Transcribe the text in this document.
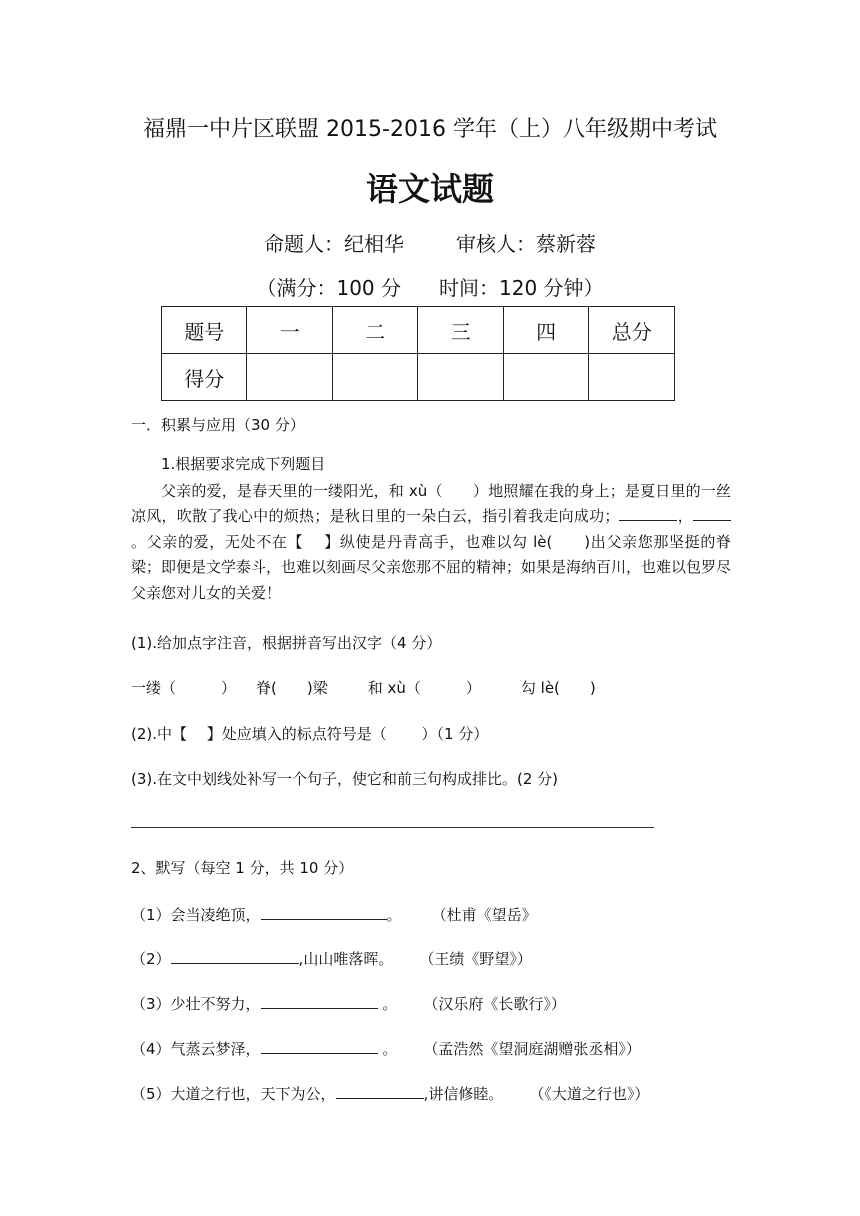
福鼎一中片区联盟 2015-2016 学年（上）八年级期中考试
语文试题
命题人：纪相华	审核人：蔡新蓉
（满分：100 分 时间：120 分钟）
题号	一	二	三	四	总分
得分					
一．积累与应用（30 分）
1.根据要求完成下列题目
父亲的爱，是春天里的一缕阳光，和 xù（　　）地照耀在我的身上；是夏日里的一丝凉风，吹散了我心中的烦热；是秋日里的一朵白云，指引着我走向成功；	，。父亲的爱，无处不在【　 】纵使是丹青高手，也难以勾 lè(　　)出父亲您那坚挺的脊梁；即便是文学泰斗，也难以刻画尽父亲您那不屈的精神；如果是海纳百川，也难以包罗尽父亲您对儿女的关爱！
(1).给加点字注音，根据拼音写出汉字（4 分）
一缕（　　　） 脊(　　)梁	和 xù（　　　）	勾 lè(　　)
(2).中【　 】处应填入的标点符号是（　　 ）（1 分）
(3).在文中划线处补写一个句子，使它和前三句构成排比。(2 分)
2、默写（每空 1 分，共 10 分）
（1）会当凌绝顶，	。 （杜甫《望岳》
（2）	,山山唯落晖。 （王绩《野望》）
（3）少壮不努力，	。 （汉乐府《长歌行》）
（4）气蒸云梦泽，	。 （孟浩然《望洞庭湖赠张丞相》）
（5）大道之行也，天下为公，	,讲信修睦。 （《大道之行也》）
